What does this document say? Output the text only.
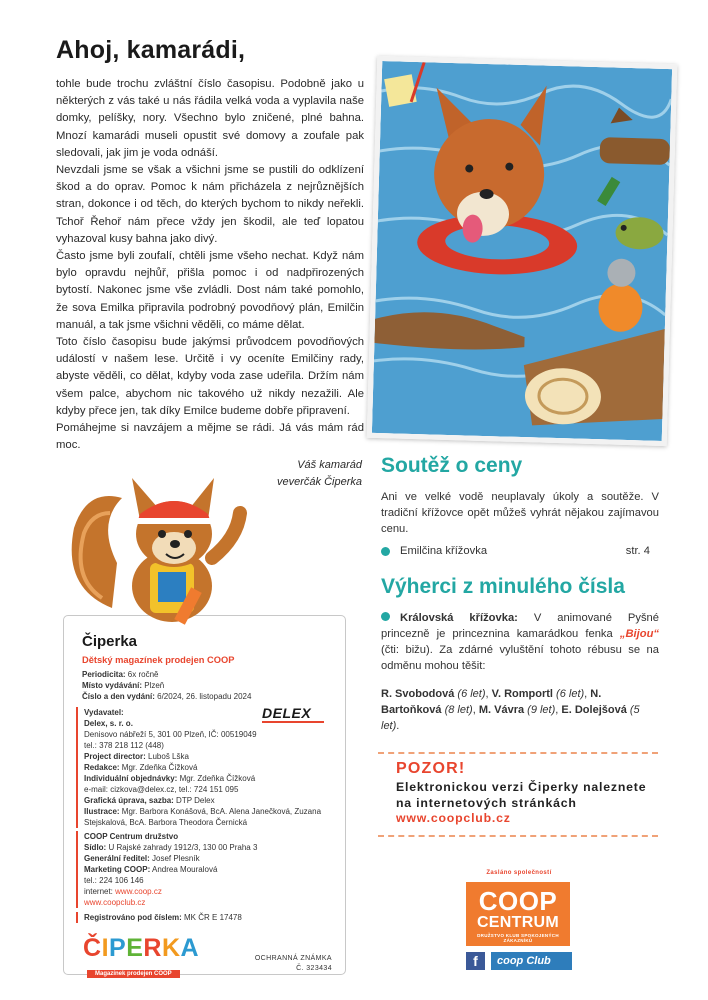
Ahoj, kamarádi,

tohle bude trochu zvláštní číslo časopisu. Podobně jako u některých z vás také u nás řádila velká voda a vyplavila naše domky, pelíšky, nory. Všechno bylo zničené, plné bahna. Mnozí kamarádi museli opustit své domovy a zoufale pak sledovali, jak jim je voda odnáší.

Nevzdali jsme se však a všichni jsme se pustili do odklízení škod a do oprav. Pomoc k nám přicházela z nejrůznějších stran, dokonce i od těch, do kterých bychom to nikdy neřekli. Tchoř Řehoř nám přece vždy jen škodil, ale teď lopatou vyhazoval kusy bahna jako divý.

Často jsme byli zoufalí, chtěli jsme všeho nechat. Když nám bylo opravdu nejhůř, přišla pomoc i od nadpřirozených bytostí. Nakonec jsme vše zvládli. Dost nám také pomohlo, že sova Emilka připravila podrobný povodňový plán, Emilčin manuál, a tak jsme všichni věděli, co máme dělat.

Toto číslo časopisu bude jakýmsi průvodcem povodňových událostí v našem lese. Určitě i vy oceníte Emilčiny rady, abyste věděli, co dělat, kdyby voda zase udeřila. Držím nám všem palce, abychom nic takového už nikdy nezažili. Ale kdyby přece jen, tak díky Emilce budeme dobře připravení.

Pomáhejme si navzájem a mějme se rádi. Já vás mám rád moc.

Váš kamarád
veverčák Čiperka
Soutěž o ceny
Ani ve velké vodě neuplavaly úkoly a soutěže. V tradiční křížovce opět můžeš vyhrát nějakou zajímavou cenu.
Emilčina křížovka	str. 4
Výherci z minulého čísla
Královská křížovka: V animované Pyšné princezně je princeznina kamarádkou fenka „Bijou“ (čti: bižu). Za zdárné vyluštění tohoto rébusu se na odměnu mohou těšit:
R. Svobodová (6 let), V. Romportl (6 let), N. Bartoňková (8 let), M. Vávra (9 let), E. Dolejšová (5 let).
POZOR!
Elektronickou verzi Čiperky naleznete na internetových stránkách www.coopclub.cz
Čiperka
Dětský magazínek prodejen COOP
Periodicita: 6x ročně
Místo vydávání: Plzeň
Číslo a den vydání: 6/2024, 26. listopadu 2024
DELEX
Vydavatel:
Delex, s. r. o.
Denisovo nábřeží 5, 301 00 Plzeň, IČ: 00519049
tel.: 378 218 112 (448)
Project director: Luboš Lška
Redakce: Mgr. Zdeňka Čížková
Individuální objednávky: Mgr. Zdeňka Čížková
e-mail: cizkova@delex.cz, tel.: 724 151 095
Grafická úprava, sazba: DTP Delex
Ilustrace: Mgr. Barbora Konášová, BcA. Alena Janečková, Zuzana Stejskalová, BcA. Barbora Theodora Černická
COOP Centrum družstvo
Sídlo: U Rajské zahrady 1912/3, 130 00 Praha 3
Generální ředitel: Josef Plesník
Marketing COOP: Andrea Mouralová
tel.: 224 106 146
internet: www.coop.cz
www.coopclub.cz
Registrováno pod číslem: MK ČR E 17478
ČIPERKA
Magazínek prodejen COOP
OCHRANNÁ ZNÁMKA
Č. 323434
Zasláno společností
COOP
CENTRUM
DRUŽSTVO KLUB SPOKOJENÝCH ZÁKAZNÍKŮ
f	coop Club
